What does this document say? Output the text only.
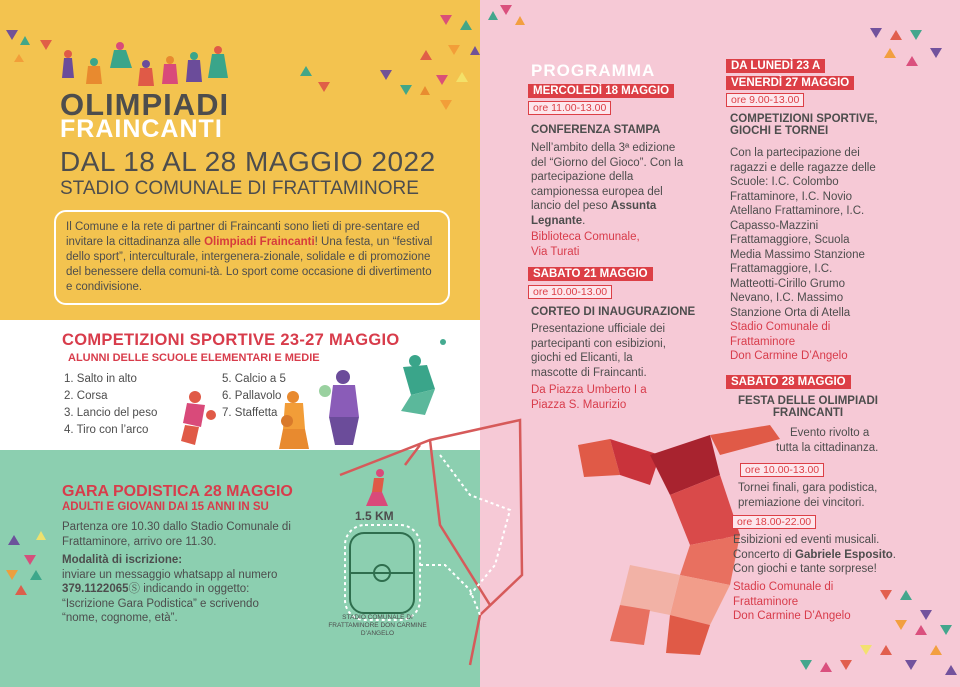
OLIMPIADI
FRAINCANTI
DAL 18 AL 28 MAGGIO 2022
STADIO COMUNALE DI FRATTAMINORE
Il Comune e la rete di partner di Fraincanti sono lieti di pre-sentare ed invitare la cittadinanza alle Olimpiadi Fraincanti! Una festa, un “festival dello sport”, interculturale, intergenera-zionale, solidale e di promozione del benessere della comuni-tà. Lo sport come occasione di divertimento e condivisione.
COMPETIZIONI SPORTIVE 23-27 MAGGIO
ALUNNI DELLE SCUOLE ELEMENTARI E MEDIE
1. Salto in alto
2. Corsa
3. Lancio del peso
4. Tiro con l’arco
5. Calcio a 5
6. Pallavolo
7. Staffetta
GARA PODISTICA 28 MAGGIO
ADULTI E GIOVANI DAI 15 ANNI IN SU
Partenza ore 10.30 dallo Stadio Comunale di Frattaminore, arrivo ore 11.30.
Modalità di iscrizione:
inviare un messaggio whatsapp al numero
379.1122065Ⓢ indicando in oggetto:
“Iscrizione Gara Podistica” e scrivendo
“nome, cognome, età”.
1.5 KM
STADIO COMUNALE DI FRATTAMINORE DON CARMINE D’ANGELO
PROGRAMMA
MERCOLEDÌ 18 MAGGIO
ore 11.00-13.00
CONFERENZA STAMPA
Nell’ambito della 3ª edizione
del “Giorno del Gioco”. Con la
partecipazione della
campionessa europea del
lancio del peso Assunta
Legnante.
Biblioteca Comunale,
Via Turati
SABATO 21 MAGGIO
ore 10.00-13.00
CORTEO DI INAUGURAZIONE
Presentazione ufficiale dei
partecipanti con esibizioni,
giochi ed Elicanti, la
mascotte di Fraincanti.
Da Piazza Umberto I a
Piazza S. Maurizio
DA LUNEDÌ 23 A
VENERDÌ 27 MAGGIO
ore 9.00-13.00
COMPETIZIONI SPORTIVE,
GIOCHI E TORNEI
Con la partecipazione dei
ragazzi e delle ragazze delle
Scuole: I.C. Colombo
Frattaminore, I.C. Novio
Atellano Frattaminore, I.C.
Capasso-Mazzini
Frattamaggiore, Scuola
Media Massimo Stanzione
Frattamaggiore, I.C.
Matteotti-Cirillo Grumo
Nevano, I.C. Massimo
Stanzione Orta di Atella
Stadio Comunale di
Frattaminore
Don Carmine D’Angelo
SABATO 28 MAGGIO
FESTA DELLE OLIMPIADI
FRAINCANTI
Evento rivolto a
tutta la cittadinanza.
ore 10.00-13.00
Tornei finali, gara podistica,
premiazione dei vincitori.
ore 18.00-22.00
Esibizioni ed eventi musicali.
Concerto di Gabriele Esposito.
Con giochi e tante sorprese!
Stadio Comunale di
Frattaminore
Don Carmine D’Angelo
